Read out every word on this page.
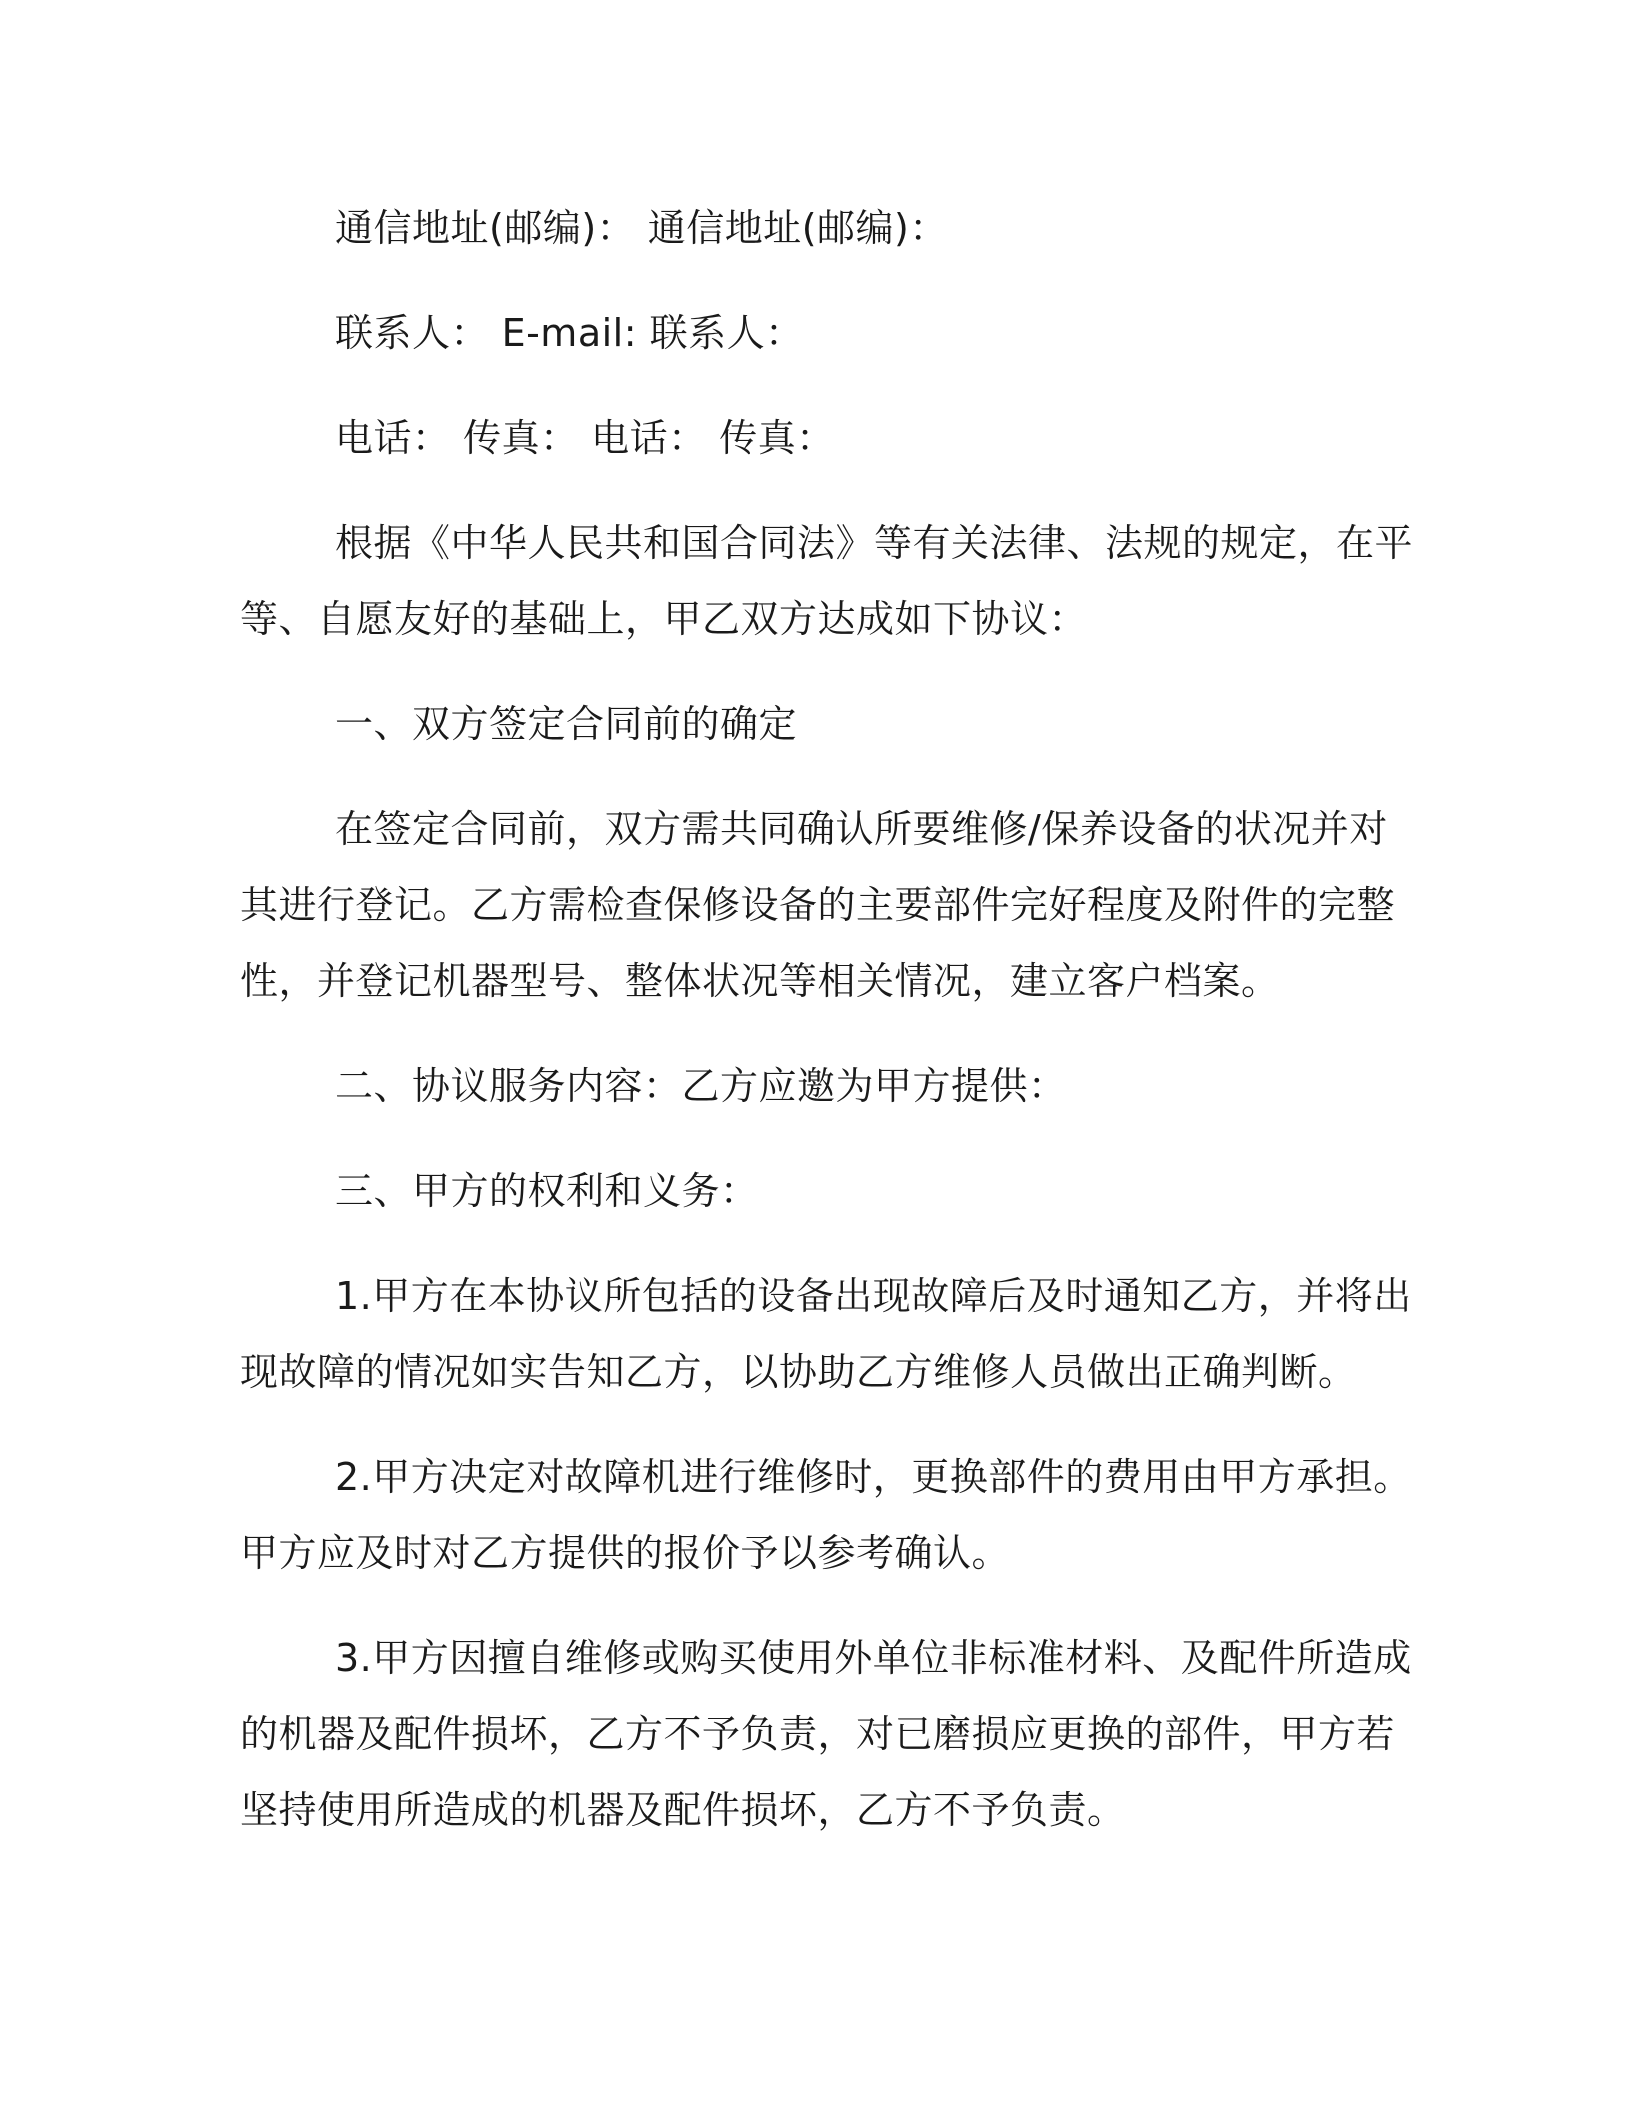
通信地址(邮编)： 通信地址(邮编)：
联系人： E-mail: 联系人：
电话： 传真： 电话： 传真：
根据《中华人民共和国合同法》等有关法律、法规的规定，在平
等、自愿友好的基础上，甲乙双方达成如下协议：
一、双方签定合同前的确定
在签定合同前，双方需共同确认所要维修/保养设备的状况并对
其进行登记。乙方需检查保修设备的主要部件完好程度及附件的完整
性，并登记机器型号、整体状况等相关情况，建立客户档案。
二、协议服务内容：乙方应邀为甲方提供：
三、甲方的权利和义务：
1.甲方在本协议所包括的设备出现故障后及时通知乙方，并将出
现故障的情况如实告知乙方，以协助乙方维修人员做出正确判断。
2.甲方决定对故障机进行维修时，更换部件的费用由甲方承担。
甲方应及时对乙方提供的报价予以参考确认。
3.甲方因擅自维修或购买使用外单位非标准材料、及配件所造成
的机器及配件损坏，乙方不予负责，对已磨损应更换的部件，甲方若
坚持使用所造成的机器及配件损坏，乙方不予负责。
